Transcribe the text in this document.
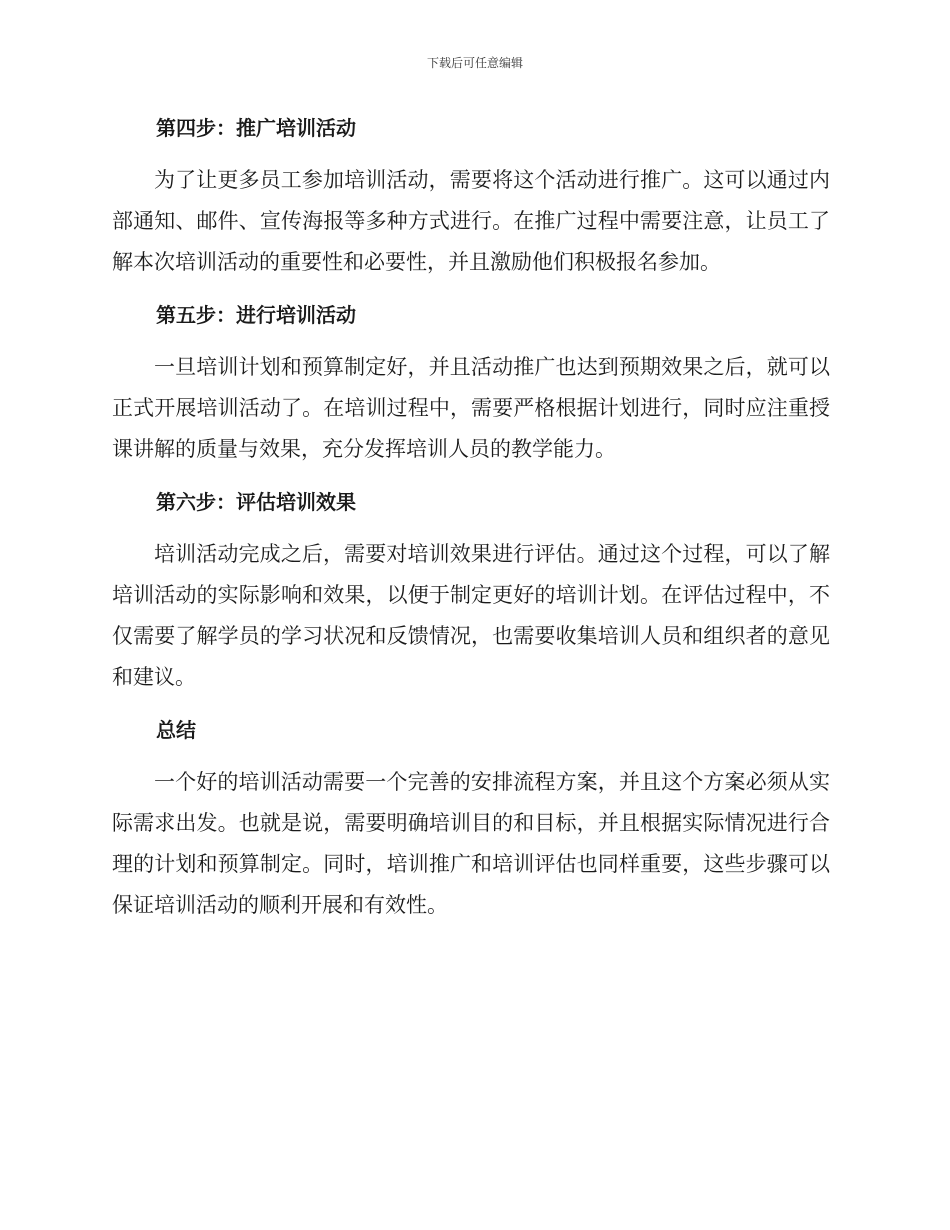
下载后可任意编辑
第四步：推广培训活动

为了让更多员工参加培训活动，需要将这个活动进行推广。这可以通过内部通知、邮件、宣传海报等多种方式进行。在推广过程中需要注意，让员工了解本次培训活动的重要性和必要性，并且激励他们积极报名参加。

第五步：进行培训活动

一旦培训计划和预算制定好，并且活动推广也达到预期效果之后，就可以正式开展培训活动了。在培训过程中，需要严格根据计划进行，同时应注重授课讲解的质量与效果，充分发挥培训人员的教学能力。

第六步：评估培训效果

培训活动完成之后，需要对培训效果进行评估。通过这个过程，可以了解培训活动的实际影响和效果，以便于制定更好的培训计划。在评估过程中，不仅需要了解学员的学习状况和反馈情况，也需要收集培训人员和组织者的意见和建议。

总结

一个好的培训活动需要一个完善的安排流程方案，并且这个方案必须从实际需求出发。也就是说，需要明确培训目的和目标，并且根据实际情况进行合理的计划和预算制定。同时，培训推广和培训评估也同样重要，这些步骤可以保证培训活动的顺利开展和有效性。
